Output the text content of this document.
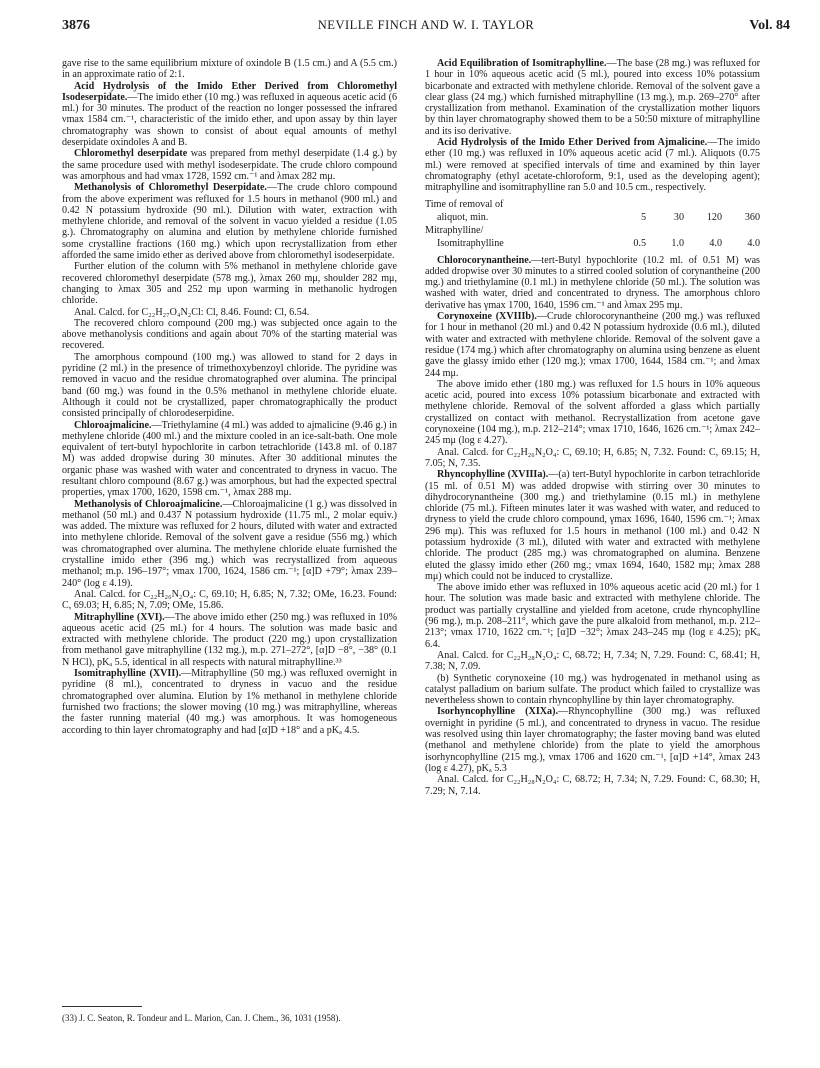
3876	NEVILLE FINCH AND W. I. TAYLOR	Vol. 84

gave rise to the same equilibrium mixture of oxindole B (1.5 cm.) and A (5.5 cm.) in an approximate ratio of 2:1.

Acid Hydrolysis of the Imido Ether Derived from Chloromethyl Isodeserpidate.—The imido ether (10 mg.) was refluxed in aqueous acetic acid (6 ml.) for 30 minutes. The product of the reaction no longer possessed the infrared νmax 1584 cm.⁻¹, characteristic of the imido ether, and upon assay by thin layer chromatography was shown to consist of about equal amounts of methyl deserpidate oxindoles A and B.

Chloromethyl deserpidate was prepared from methyl deserpidate (1.4 g.) by the same procedure used with methyl isodeserpidate. The crude chloro compound was amorphous and had νmax 1728, 1592 cm.⁻¹ and λmax 282 mμ.

Methanolysis of Chloromethyl Deserpidate.—The crude chloro compound from the above experiment was refluxed for 1.5 hours in methanol (900 ml.) and 0.42 N potassium hydroxide (90 ml.). Dilution with water, extraction with methylene chloride, and removal of the solvent in vacuo yielded a residue (1.05 g.). Chromatography on alumina and elution by methylene chloride furnished some crystalline fractions (160 mg.) which upon recrystallization from ether afforded the same imido ether as derived above from chloromethyl isodeserpidate.

Further elution of the column with 5% methanol in methylene chloride gave recovered chloromethyl deserpidate (578 mg.), λmax 260 mμ, shoulder 282 mμ, changing to λmax 305 and 252 mμ upon warming in methanolic hydrogen chloride.

Anal. Calcd. for C₂₂H₂₇O₄N₂Cl: Cl, 8.46. Found: Cl, 6.54.

The recovered chloro compound (200 mg.) was subjected once again to the above methanolysis conditions and again about 70% of the starting material was recovered.

The amorphous compound (100 mg.) was allowed to stand for 2 days in pyridine (2 ml.) in the presence of trimethoxybenzoyl chloride. The pyridine was removed in vacuo and the residue chromatographed over alumina. The principal band (60 mg.) was found in the 0.5% methanol in methylene chloride eluate. Although it could not be crystallized, paper chromatographically the product consisted principally of chlorodeserpidine.

Chloroajmalicine.—Triethylamine (4 ml.) was added to ajmalicine (9.46 g.) in methylene chloride (400 ml.) and the mixture cooled in an ice-salt-bath. One mole equivalent of tert-butyl hypochlorite in carbon tetrachloride (143.8 ml. of 0.187 M) was added dropwise during 30 minutes. After 30 additional minutes the organic phase was washed with water and concentrated to dryness in vacuo. The resultant chloro compound (8.67 g.) was amorphous, but had the expected spectral properties, γmax 1700, 1620, 1598 cm.⁻¹, λmax 288 mμ.

Methanolysis of Chloroajmalicine.—Chloroajmalicine (1 g.) was dissolved in methanol (50 ml.) and 0.437 N potassium hydroxide (11.75 ml., 2 molar equiv.) was added. The mixture was refluxed for 2 hours, diluted with water and extracted into methylene chloride. Removal of the solvent gave a residue (556 mg.) which was chromatographed over alumina. The methylene chloride eluate furnished the crystalline imido ether (396 mg.) which was recrystallized from aqueous methanol; m.p. 196–197°; νmax 1700, 1624, 1586 cm.⁻¹; [α]D +79°; λmax 239–240° (log ε 4.19).

Anal. Calcd. for C₂₂H₂₆N₂O₄: C, 69.10; H, 6.85; N, 7.32; OMe, 16.23. Found: C, 69.03; H, 6.85; N, 7.09; OMe, 15.86.

Mitraphylline (XVI).—The above imido ether (250 mg.) was refluxed in 10% aqueous acetic acid (25 ml.) for 4 hours. The solution was made basic and extracted with methylene chloride. The product (220 mg.) upon crystallization from methanol gave mitraphylline (132 mg.), m.p. 271–272°, [α]D −8°, −38° (0.1 N HCl), pKₐ 5.5, identical in all respects with natural mitraphylline.³³

Isomitraphylline (XVII).—Mitraphylline (50 mg.) was refluxed overnight in pyridine (8 ml.), concentrated to dryness in vacuo and the residue chromatographed over alumina. Elution by 1% methanol in methylene chloride furnished two fractions; the slower moving (10 mg.) was mitraphylline, whereas the faster running material (40 mg.) was amorphous. It was homogeneous according to thin layer chromatography and had [α]D +18° and a pKₐ 4.5.

(33) J. C. Seaton, R. Tondeur and L. Marion, Can. J. Chem., 36, 1031 (1958).

Acid Equilibration of Isomitraphylline.—The base (28 mg.) was refluxed for 1 hour in 10% aqueous acetic acid (5 ml.), poured into excess 10% potassium bicarbonate and extracted with methylene chloride. Removal of the solvent gave a clear glass (24 mg.) which furnished mitraphylline (13 mg.), m.p. 269–270° after crystallization from methanol. Examination of the crystallization mother liquors by thin layer chromatography showed them to be a 50:50 mixture of mitraphylline and its iso derivative.

Acid Hydrolysis of the Imido Ether Derived from Ajmalicine.—The imido ether (10 mg.) was refluxed in 10% aqueous acetic acid (7 ml.). Aliquots (0.75 ml.) were removed at specified intervals of time and examined by thin layer chromatography (ethyl acetate-chloroform, 9:1, used as the developing agent); mitraphylline and isomitraphylline ran 5.0 and 10.5 cm., respectively.

Time of removal of				
aliquot, min.	5	30	120	360
Mitraphylline/				
Isomitraphylline	0.5	1.0	4.0	4.0

Chlorocorynantheine.—tert-Butyl hypochlorite (10.2 ml. of 0.51 M) was added dropwise over 30 minutes to a stirred cooled solution of corynantheine (200 mg.) and triethylamine (0.1 ml.) in methylene chloride (50 ml.). The solution was washed with water, dried and concentrated to dryness. The amorphous chloro derivative has γmax 1700, 1640, 1596 cm.⁻¹ and λmax 295 mμ.

Corynoxeine (XVIIIb).—Crude chlorocorynantheine (200 mg.) was refluxed for 1 hour in methanol (20 ml.) and 0.42 N potassium hydroxide (0.6 ml.), diluted with water and extracted with methylene chloride. Removal of the solvent gave a residue (174 mg.) which after chromatography on alumina using benzene as eluent gave the glassy imido ether (120 mg.); νmax 1700, 1644, 1584 cm.⁻¹; and λmax 244 mμ.

The above imido ether (180 mg.) was refluxed for 1.5 hours in 10% aqueous acetic acid, poured into excess 10% potassium bicarbonate and extracted with methylene chloride. Removal of the solvent afforded a glass which partially crystallized on contact with methanol. Recrystallization from acetone gave corynoxeine (104 mg.), m.p. 212–214°; νmax 1710, 1646, 1626 cm.⁻¹; λmax 242–245 mμ (log ε 4.27).

Anal. Calcd. for C₂₂H₂₆N₂O₄: C, 69.10; H, 6.85; N, 7.32. Found: C, 69.15; H, 7.05; N, 7.35.

Rhyncophylline (XVIIIa).—(a) tert-Butyl hypochlorite in carbon tetrachloride (15 ml. of 0.51 M) was added dropwise with stirring over 30 minutes to dihydrocorynantheine (300 mg.) and triethylamine (0.15 ml.) in methylene chloride (75 ml.). Fifteen minutes later it was washed with water, and reduced to dryness to yield the crude chloro compound, γmax 1696, 1640, 1596 cm.⁻¹; λmax 296 mμ). This was refluxed for 1.5 hours in methanol (100 ml.) and 0.42 N potassium hydroxide (3 ml.), diluted with water and extracted with methylene chloride. The product (285 mg.) was chromatographed on alumina. Benzene eluted the glassy imido ether (260 mg.; νmax 1694, 1640, 1582 mμ; λmax 288 mμ) which could not be induced to crystallize.

The above imido ether was refluxed in 10% aqueous acetic acid (20 ml.) for 1 hour. The solution was made basic and extracted with methylene chloride. The product was partially crystalline and yielded from acetone, crude rhyncophylline (96 mg.), m.p. 208–211°, which gave the pure alkaloid from methanol, m.p. 212–213°; νmax 1710, 1622 cm.⁻¹; [α]D −32°; λmax 243–245 mμ (log ε 4.25); pKₐ 6.4.

Anal. Calcd. for C₂₂H₂₈N₂O₄: C, 68.72; H, 7.34; N, 7.29. Found: C, 68.41; H, 7.38; N, 7.09.

(b) Synthetic corynoxeine (10 mg.) was hydrogenated in methanol using as catalyst palladium on barium sulfate. The product which failed to crystallize was nevertheless shown to contain rhyncophylline by thin layer chromatography.

Isorhyncophylline (XIXa).—Rhyncophylline (300 mg.) was refluxed overnight in pyridine (5 ml.), and concentrated to dryness in vacuo. The residue was resolved using thin layer chromatography; the faster moving band was eluted (methanol and methylene chloride) from the plate to yield the amorphous isorhyncophylline (215 mg.), νmax 1706 and 1620 cm.⁻¹, [α]D +14°, λmax 243 (log ε 4.27), pKₐ 5.3

Anal. Calcd. for C₂₂H₂₈N₂O₄: C, 68.72; H, 7.34; N, 7.29. Found: C, 68.30; H, 7.29; N, 7.14.
